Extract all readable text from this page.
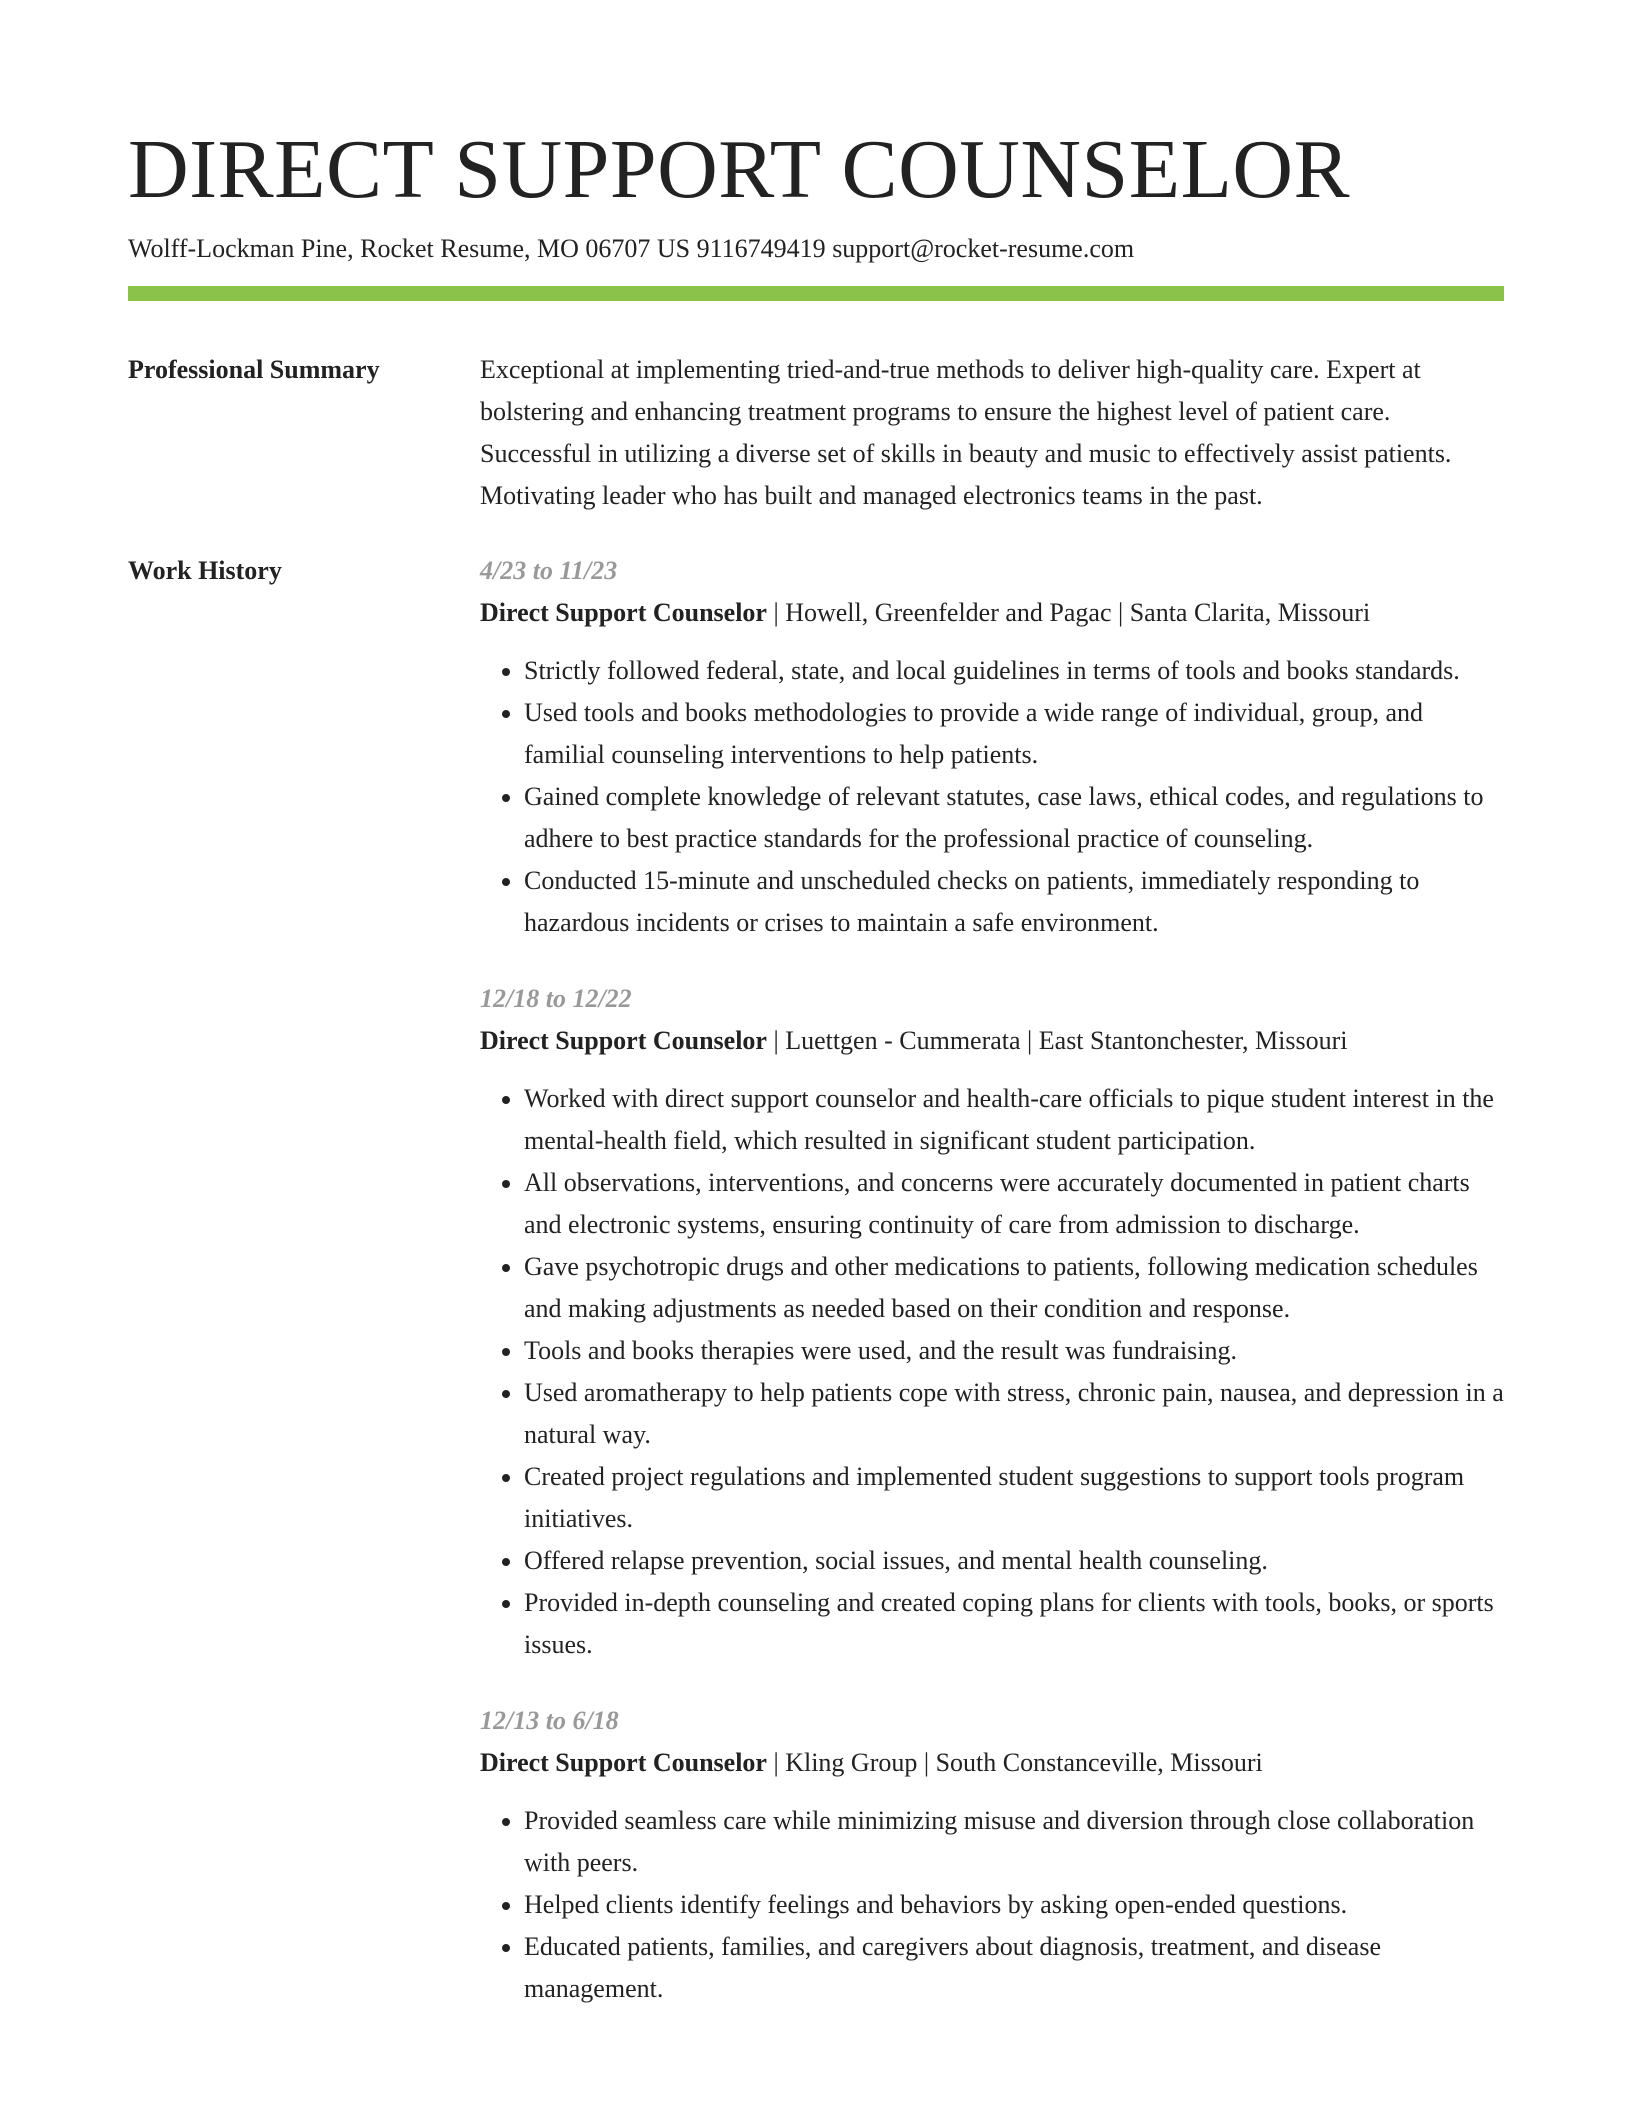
DIRECT SUPPORT COUNSELOR
Wolff-Lockman Pine, Rocket Resume, MO 06707 US 9116749419 support@rocket-resume.com
Professional Summary	Exceptional at implementing tried-and-true methods to deliver high-quality care. Expert at bolstering and enhancing treatment programs to ensure the highest level of patient care. Successful in utilizing a diverse set of skills in beauty and music to effectively assist patients. Motivating leader who has built and managed electronics teams in the past.

Work History	4/23 to 11/23
Direct Support Counselor | Howell, Greenfelder and Pagac | Santa Clarita, Missouri
• Strictly followed federal, state, and local guidelines in terms of tools and books standards.
• Used tools and books methodologies to provide a wide range of individual, group, and familial counseling interventions to help patients.
• Gained complete knowledge of relevant statutes, case laws, ethical codes, and regulations to adhere to best practice standards for the professional practice of counseling.
• Conducted 15-minute and unscheduled checks on patients, immediately responding to hazardous incidents or crises to maintain a safe environment.
12/18 to 12/22
Direct Support Counselor | Luettgen - Cummerata | East Stantonchester, Missouri
• Worked with direct support counselor and health-care officials to pique student interest in the mental-health field, which resulted in significant student participation.
• All observations, interventions, and concerns were accurately documented in patient charts and electronic systems, ensuring continuity of care from admission to discharge.
• Gave psychotropic drugs and other medications to patients, following medication schedules and making adjustments as needed based on their condition and response.
• Tools and books therapies were used, and the result was fundraising.
• Used aromatherapy to help patients cope with stress, chronic pain, nausea, and depression in a natural way.
• Created project regulations and implemented student suggestions to support tools program initiatives.
• Offered relapse prevention, social issues, and mental health counseling.
• Provided in-depth counseling and created coping plans for clients with tools, books, or sports issues.
12/13 to 6/18
Direct Support Counselor | Kling Group | South Constanceville, Missouri
• Provided seamless care while minimizing misuse and diversion through close collaboration with peers.
• Helped clients identify feelings and behaviors by asking open-ended questions.
• Educated patients, families, and caregivers about diagnosis, treatment, and disease management.
